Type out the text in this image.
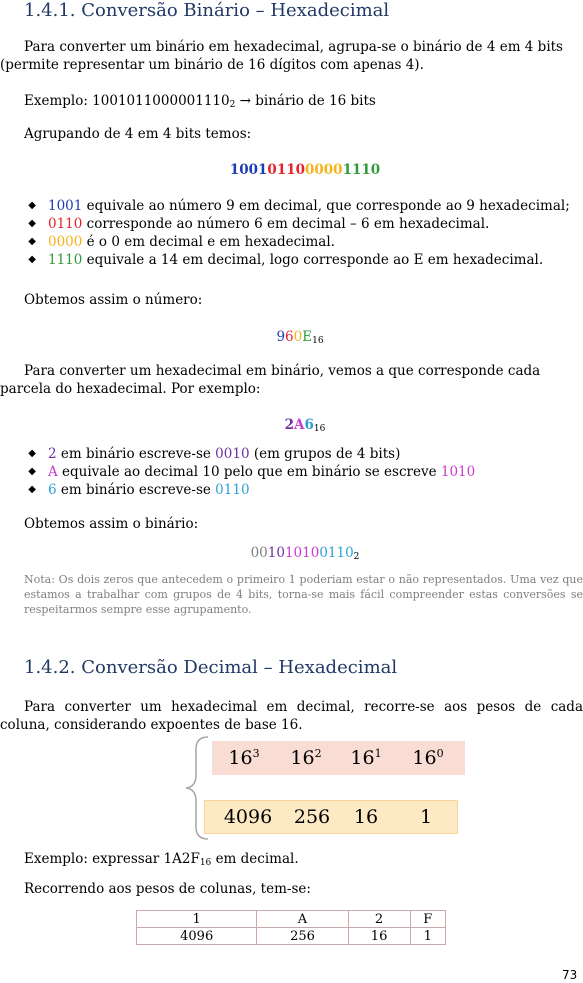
1.4.1. Conversão Binário – Hexadecimal
Para converter um binário em hexadecimal, agrupa-se o binário de 4 em 4 bits (permite representar um binário de 16 dígitos com apenas 4).
Exemplo: $1001011000001110_2$ → binário de 16 bits
Agrupando de 4 em 4 bits temos:
1001011000001110
◆ 1001 equivale ao número 9 em decimal, que corresponde ao 9 hexadecimal;
◆ 0110 corresponde ao número 6 em decimal – 6 em hexadecimal.
◆ 0000 é o 0 em decimal e em hexadecimal.
◆ 1110 equivale a 14 em decimal, logo corresponde ao E em hexadecimal.
Obtemos assim o número:
$960E_{16}$
Para converter um hexadecimal em binário, vemos a que corresponde cada parcela do hexadecimal. Por exemplo:
$2A6_{16}$
◆ 2 em binário escreve-se 0010 (em grupos de 4 bits)
◆ A equivale ao decimal 10 pelo que em binário se escreve 1010
◆ 6 em binário escreve-se 0110
Obtemos assim o binário:
$001010100110_2$
Nota: Os dois zeros que antecedem o primeiro 1 poderiam estar o não representados. Uma vez que estamos a trabalhar com grupos de 4 bits, torna-se mais fácil compreender estas conversões se respeitarmos sempre esse agrupamento.
1.4.2. Conversão Decimal – Hexadecimal
Para converter um hexadecimal em decimal, recorre-se aos pesos de cada coluna, considerando expoentes de base 16.
$16^3$	$16^2$	$16^1$	$16^0$
4096	256	16	1
Exemplo: expressar $1A2F_{16}$ em decimal.
Recorrendo aos pesos de colunas, tem-se:
1	A	2	F
4096	256	16	1
73
